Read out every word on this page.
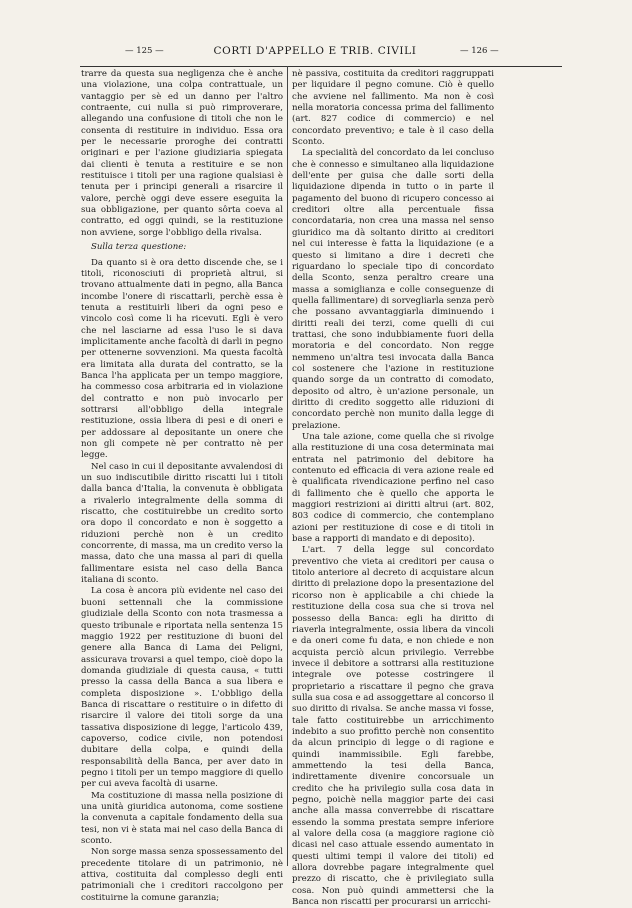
— 125 —	CORTI D'APPELLO E TRIB. CIVILI	— 126 —

trarre da questa sua negligenza che è anche una violazione, una colpa contrattuale, un vantaggio per sè ed un danno per l'altro contraente, cui nulla si può rimproverare, allegando una confusione di titoli che non le consenta di restituire in individuo. Essa ora per le necessarie proroghe dei contratti originari e per l'azione giudiziaria spiegata dai clienti è tenuta a restituire e se non restituisce i titoli per una ragione qualsiasi è tenuta per i principi generali a risarcire il valore, perchè oggi deve essere eseguita la sua obbligazione, per quanto sôrta coeva al contratto, ed oggi quindi, se la restituzione non avviene, sorge l'obbligo della rivalsa.

Sulla terza questione:

Da quanto si è ora detto discende che, se i titoli, riconosciuti di proprietà altrui, si trovano attualmente dati in pegno, alla Banca incombe l'onere di riscattarli, perchè essa è tenuta a restituirli liberi da ogni peso e vincolo così come li ha ricevuti. Egli è vero che nel lasciarne ad essa l'uso le si dava implicitamente anche facoltà di darli in pegno per ottenerne sovvenzioni. Ma questa facoltà era limitata alla durata del contratto, se la Banca l'ha applicata per un tempo maggiore, ha commesso cosa arbitraria ed in violazione del contratto e non può invocarlo per sottrarsi all'obbligo della integrale restituzione, ossia libera di pesi e di oneri e per addossare al depositante un onere che non gli compete nè per contratto nè per legge.

Nel caso in cui il depositante avvalendosi di un suo indiscutibile diritto riscatti lui i titoli dalla banca d'Italia, la convenuta è obbligata a rivalerlo integralmente della somma di riscatto, che costituirebbe un credito sorto ora dopo il concordato e non è soggetto a riduzioni perchè non è un credito concorrente, di massa, ma un credito verso la massa, dato che una massa al pari di quella fallimentare esista nel caso della Banca italiana di sconto.

La cosa è ancora più evidente nel caso dei buoni settennali che la commissione giudiziale della Sconto con nota trasmessa a questo tribunale e riportata nella sentenza 15 maggio 1922 per restituzione di buoni del genere alla Banca di Lama dei Peligni, assicurava trovarsi a quel tempo, cioè dopo la domanda giudiziale di questa causa, « tutti presso la cassa della Banca a sua libera e completa disposizione ». L'obbligo della Banca di riscattare o restituire o in difetto di risarcire il valore dei titoli sorge da una tassativa disposizione di legge, l'articolo 439, capoverso, codice civile, non potendosi dubitare della colpa, e quindi della responsabilità della Banca, per aver dato in pegno i titoli per un tempo maggiore di quello per cui aveva facoltà di usarne.

Ma costituzione di massa nella posizione di una unità giuridica autonoma, come sostiene la convenuta a capitale fondamento della sua tesi, non vi è stata mai nel caso della Banca di sconto.

Non sorge massa senza spossessamento del precedente titolare di un patrimonio, nè attiva, costituita dal complesso degli enti patrimoniali che i creditori raccolgono per costituirne la comune garanzia;

nè passiva, costituita da creditori raggruppati per liquidare il pegno comune. Ciò è quello che avviene nel fallimento. Ma non è così nella moratoria concessa prima del fallimento (art. 827 codice di commercio) e nel concordato preventivo; e tale è il caso della Sconto.

La specialità del concordato da lei concluso che è connesso e simultaneo alla liquidazione dell'ente per guisa che dalle sorti della liquidazione dipenda in tutto o in parte il pagamento del buono di ricupero concesso ai creditori oltre alla percentuale fissa concordataria, non crea una massa nel senso giuridico ma dà soltanto diritto ai creditori nel cui interesse è fatta la liquidazione (e a questo si limitano a dire i decreti che riguardano lo speciale tipo di concordato della Sconto, senza peraltro creare una massa a somiglianza e colle conseguenze di quella fallimentare) di sorvegliarla senza però che possano avvantaggiarla diminuendo i diritti reali dei terzi, come quelli di cui trattasi, che sono indubbiamente fuori della moratoria e del concordato. Non regge nemmeno un'altra tesi invocata dalla Banca col sostenere che l'azione in restituzione quando sorge da un contratto di comodato, deposito od altro, è un'azione personale, un diritto di credito soggetto alle riduzioni di concordato perchè non munito dalla legge di prelazione.

Una tale azione, come quella che si rivolge alla restituzione di una cosa determinata mai entrata nel patrimonio del debitore ha contenuto ed efficacia di vera azione reale ed è qualificata rivendicazione perfino nel caso di fallimento che è quello che apporta le maggiori restrizioni ai diritti altrui (art. 802, 803 codice di commercio, che contemplano azioni per restituzione di cose e di titoli in base a rapporti di mandato e di deposito).

L'art. 7 della legge sul concordato preventivo che vieta ai creditori per causa o titolo anteriore al decreto di acquistare alcun diritto di prelazione dopo la presentazione del ricorso non è applicabile a chi chiede la restituzione della cosa sua che si trova nel possesso della Banca: egli ha diritto di riaverla integralmente, ossia libera da vincoli e da oneri come fu data, e non chiede e non acquista perciò alcun privilegio. Verrebbe invece il debitore a sottrarsi alla restituzione integrale ove potesse costringere il proprietario a riscattare il pegno che grava sulla sua cosa e ad assoggettare al concorso il suo diritto di rivalsa. Se anche massa vi fosse, tale fatto costituirebbe un arricchimento indebito a suo profitto perchè non consentito da alcun principio di legge o di ragione e quindi inammissibile. Egli farebbe, ammettendo la tesi della Banca, indirettamente divenire concorsuale un credito che ha privilegio sulla cosa data in pegno, poichè nella maggior parte dei casi anche alla massa converrebbe di riscattare essendo la somma prestata sempre inferiore al valore della cosa (a maggiore ragione ciò dicasi nel caso attuale essendo aumentato in questi ultimi tempi il valore dei titoli) ed allora dovrebbe pagare integralmente quel prezzo di riscatto, che è privilegiato sulla cosa. Non può quindi ammettersi che la Banca non riscatti per procurarsi un arricchi-
